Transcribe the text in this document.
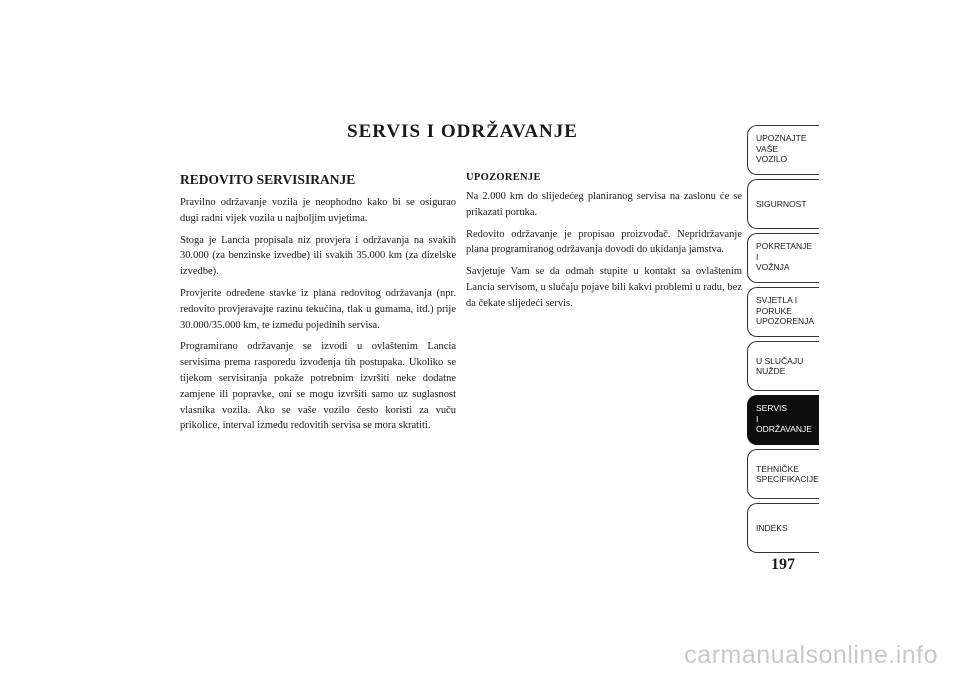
SERVIS I ODRŽAVANJE
REDOVITO SERVISIRANJE

Pravilno održavanje vozila je neophodno kako bi se osigurao dugi radni vijek vozila u najboljim uvjetima.

Stoga je Lancia propisala niz provjera i održavanja na svakih 30.000 (za benzinske izvedbe) ili svakih 35.000 km (za dizelske izvedbe).

Provjerite određene stavke iz plana redovitog održavanja (npr. redovito provjeravajte razinu tekućina, tlak u gumama, itd.) prije 30.000/35.000 km, te između pojedinih servisa.

Programirano održavanje se izvodi u ovlaštenim Lancia servisima prema rasporedu izvođenja tih postupaka. Ukoliko se tijekom servisiranja pokaže potrebnim izvršiti neke dodatne zamjene ili popravke, oni se mogu izvršiti samo uz suglasnost vlasnika vozila. Ako se vaše vozilo često koristi za vuču prikolice, interval između redovitih servisa se mora skratiti.

UPOZORENJE

Na 2.000 km do slijedećeg planiranog servisa na zaslonu će se prikazati poruka.

Redovito održavanje je propisao proizvođač. Nepridržavanje plana programiranog održavanja dovodi do ukidanja jamstva.

Savjetuje Vam se da odmah stupite u kontakt sa ovlaštenim Lancia servisom, u slučaju pojave bili kakvi problemi u radu, bez da čekate slijedeći servis.

UPOZNAJTE
VAŠE
VOZILO
SIGURNOST
POKRETANJE
I
VOŽNJA
SVJETLA I
PORUKE
UPOZORENJA
U SLUČAJU
NUŽDE
SERVIS
I
ODRŽAVANJE
TEHNIČKE
SPECIFIKACIJE
INDEKS
197
carmanualsonline.info
